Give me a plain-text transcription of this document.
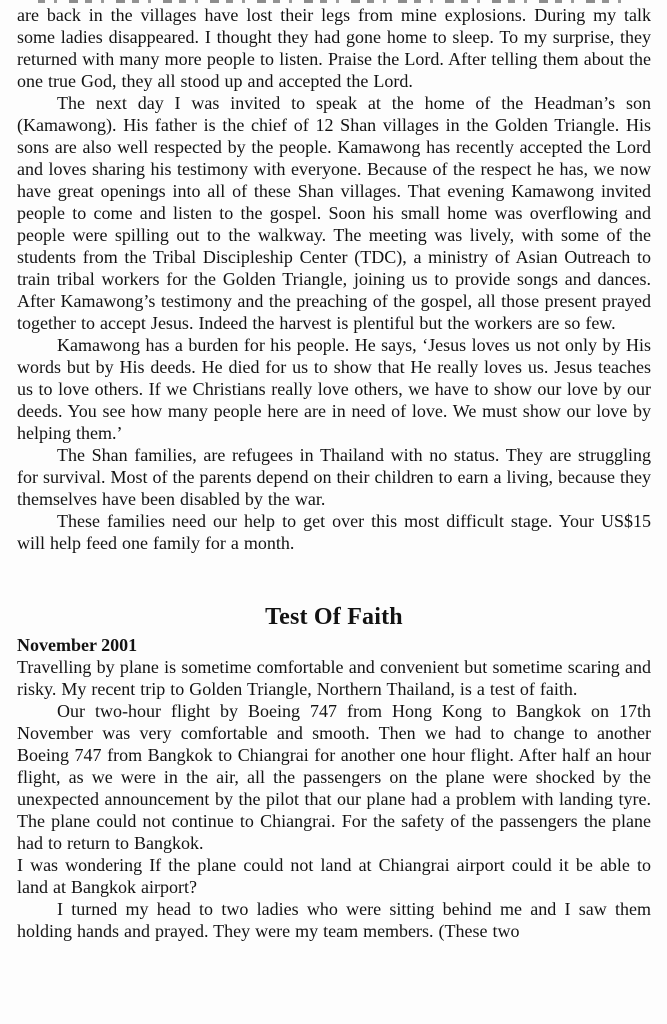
are back in the villages have lost their legs from mine explosions. During my talk some ladies disappeared. I thought they had gone home to sleep. To my surprise, they returned with many more people to listen. Praise the Lord. After telling them about the one true God, they all stood up and accepted the Lord.

The next day I was invited to speak at the home of the Headman’s son (Kamawong). His father is the chief of 12 Shan villages in the Golden Triangle. His sons are also well respected by the people. Kamawong has recently accepted the Lord and loves sharing his testimony with everyone. Because of the respect he has, we now have great openings into all of these Shan villages. That evening Kamawong invited people to come and listen to the gospel. Soon his small home was overflowing and people were spilling out to the walkway. The meeting was lively, with some of the students from the Tribal Discipleship Center (TDC), a ministry of Asian Outreach to train tribal workers for the Golden Triangle, joining us to provide songs and dances. After Kamawong’s testimony and the preaching of the gospel, all those present prayed together to accept Jesus. Indeed the harvest is plentiful but the workers are so few.

Kamawong has a burden for his people. He says, ‘Jesus loves us not only by His words but by His deeds. He died for us to show that He really loves us. Jesus teaches us to love others. If we Christians really love others, we have to show our love by our deeds. You see how many people here are in need of love. We must show our love by helping them.’

The Shan families, are refugees in Thailand with no status. They are struggling for survival. Most of the parents depend on their children to earn a living, because they themselves have been disabled by the war.

These families need our help to get over this most difficult stage. Your US$15 will help feed one family for a month.

Test Of Faith

November 2001

Travelling by plane is sometime comfortable and convenient but sometime scaring and risky. My recent trip to Golden Triangle, Northern Thailand, is a test of faith.

Our two-hour flight by Boeing 747 from Hong Kong to Bangkok on 17th November was very comfortable and smooth. Then we had to change to another Boeing 747 from Bangkok to Chiangrai for another one hour flight. After half an hour flight, as we were in the air, all the passengers on the plane were shocked by the unexpected announcement by the pilot that our plane had a problem with landing tyre. The plane could not continue to Chiangrai. For the safety of the passengers the plane had to return to Bangkok.

I was wondering If the plane could not land at Chiangrai airport could it be able to land at Bangkok airport?

I turned my head to two ladies who were sitting behind me and I saw them holding hands and prayed. They were my team members. (These two
